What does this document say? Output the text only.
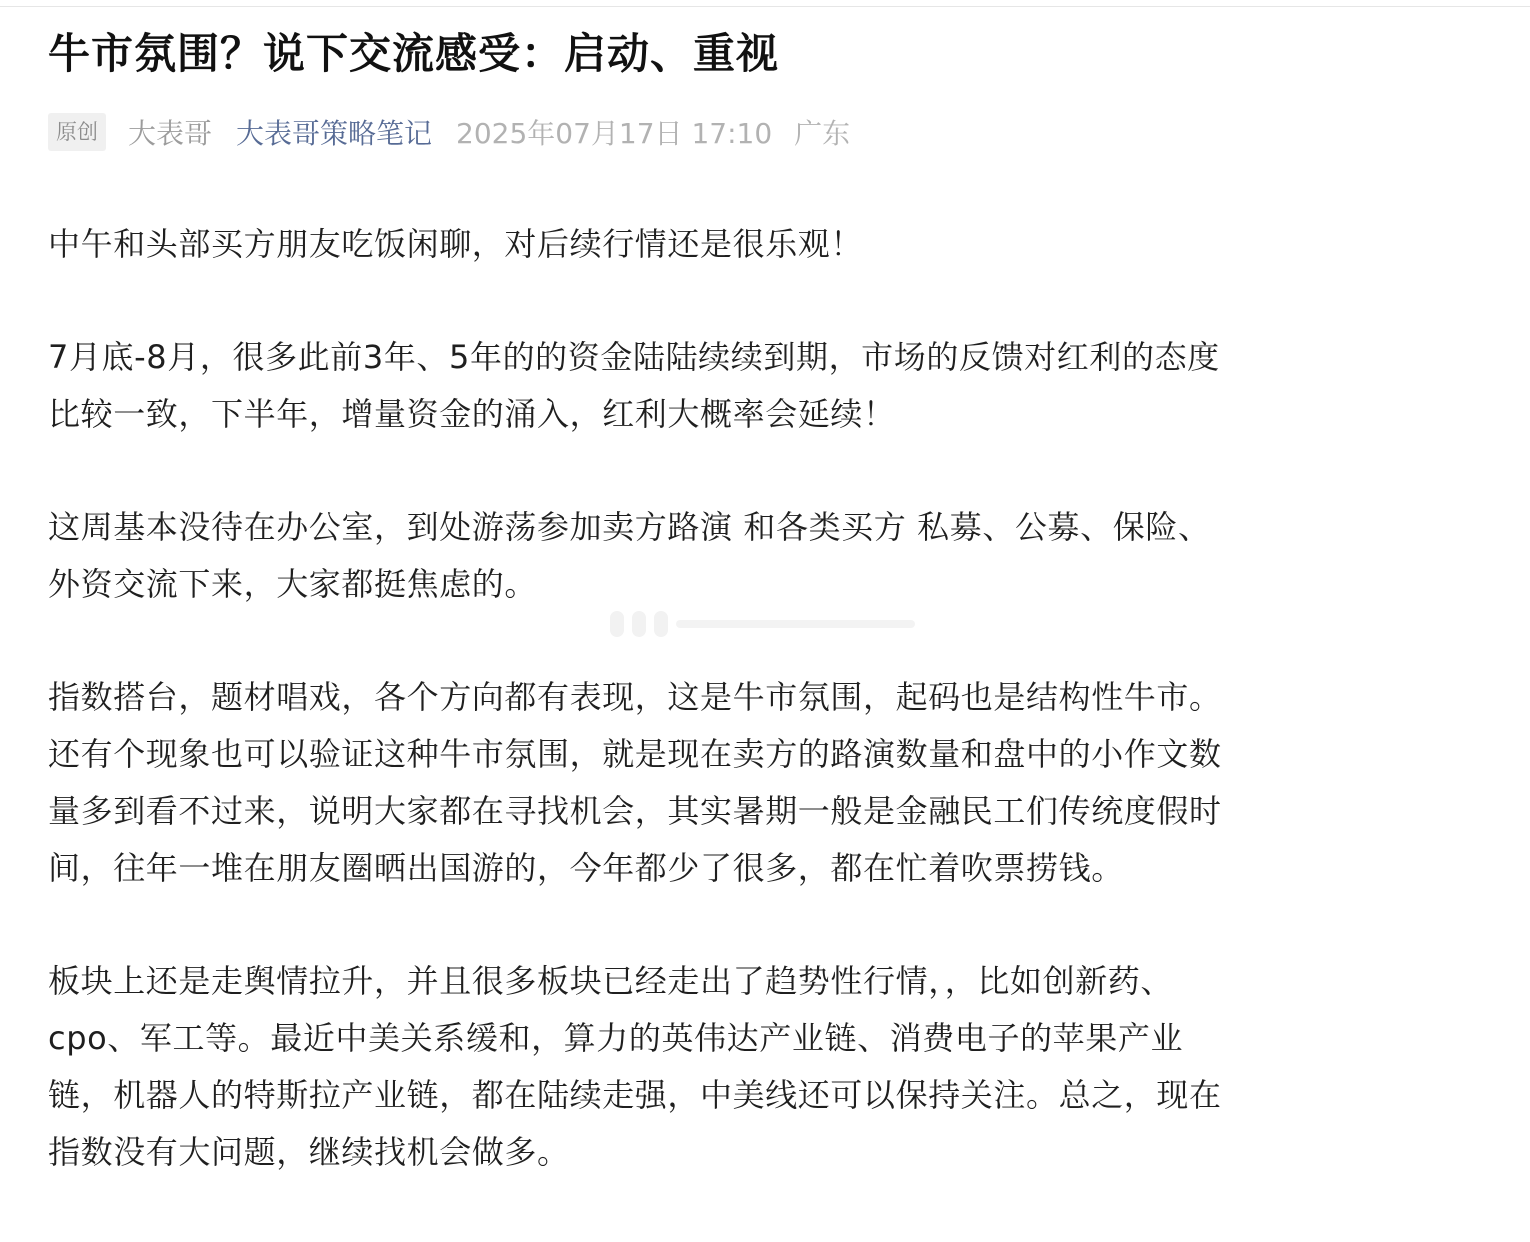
牛市氛围？说下交流感受：启动、重视
原创 大表哥 大表哥策略笔记 2025年07月17日 17:10 广东

中午和头部买方朋友吃饭闲聊，对后续行情还是很乐观！

7月底-8月，很多此前3年、5年的的资金陆陆续续到期，市场的反馈对红利的态度
比较一致，下半年，增量资金的涌入，红利大概率会延续！

这周基本没待在办公室，到处游荡参加卖方路演 和各类买方 私募、公募、保险、
外资交流下来，大家都挺焦虑的。

指数搭台，题材唱戏，各个方向都有表现，这是牛市氛围，起码也是结构性牛市。
还有个现象也可以验证这种牛市氛围，就是现在卖方的路演数量和盘中的小作文数
量多到看不过来，说明大家都在寻找机会，其实暑期一般是金融民工们传统度假时
间，往年一堆在朋友圈晒出国游的，今年都少了很多，都在忙着吹票捞钱。

板块上还是走舆情拉升，并且很多板块已经走出了趋势性行情，，比如创新药、
cpo、军工等。最近中美关系缓和，算力的英伟达产业链、消费电子的苹果产业
链，机器人的特斯拉产业链，都在陆续走强，中美线还可以保持关注。总之，现在
指数没有大问题，继续找机会做多。
